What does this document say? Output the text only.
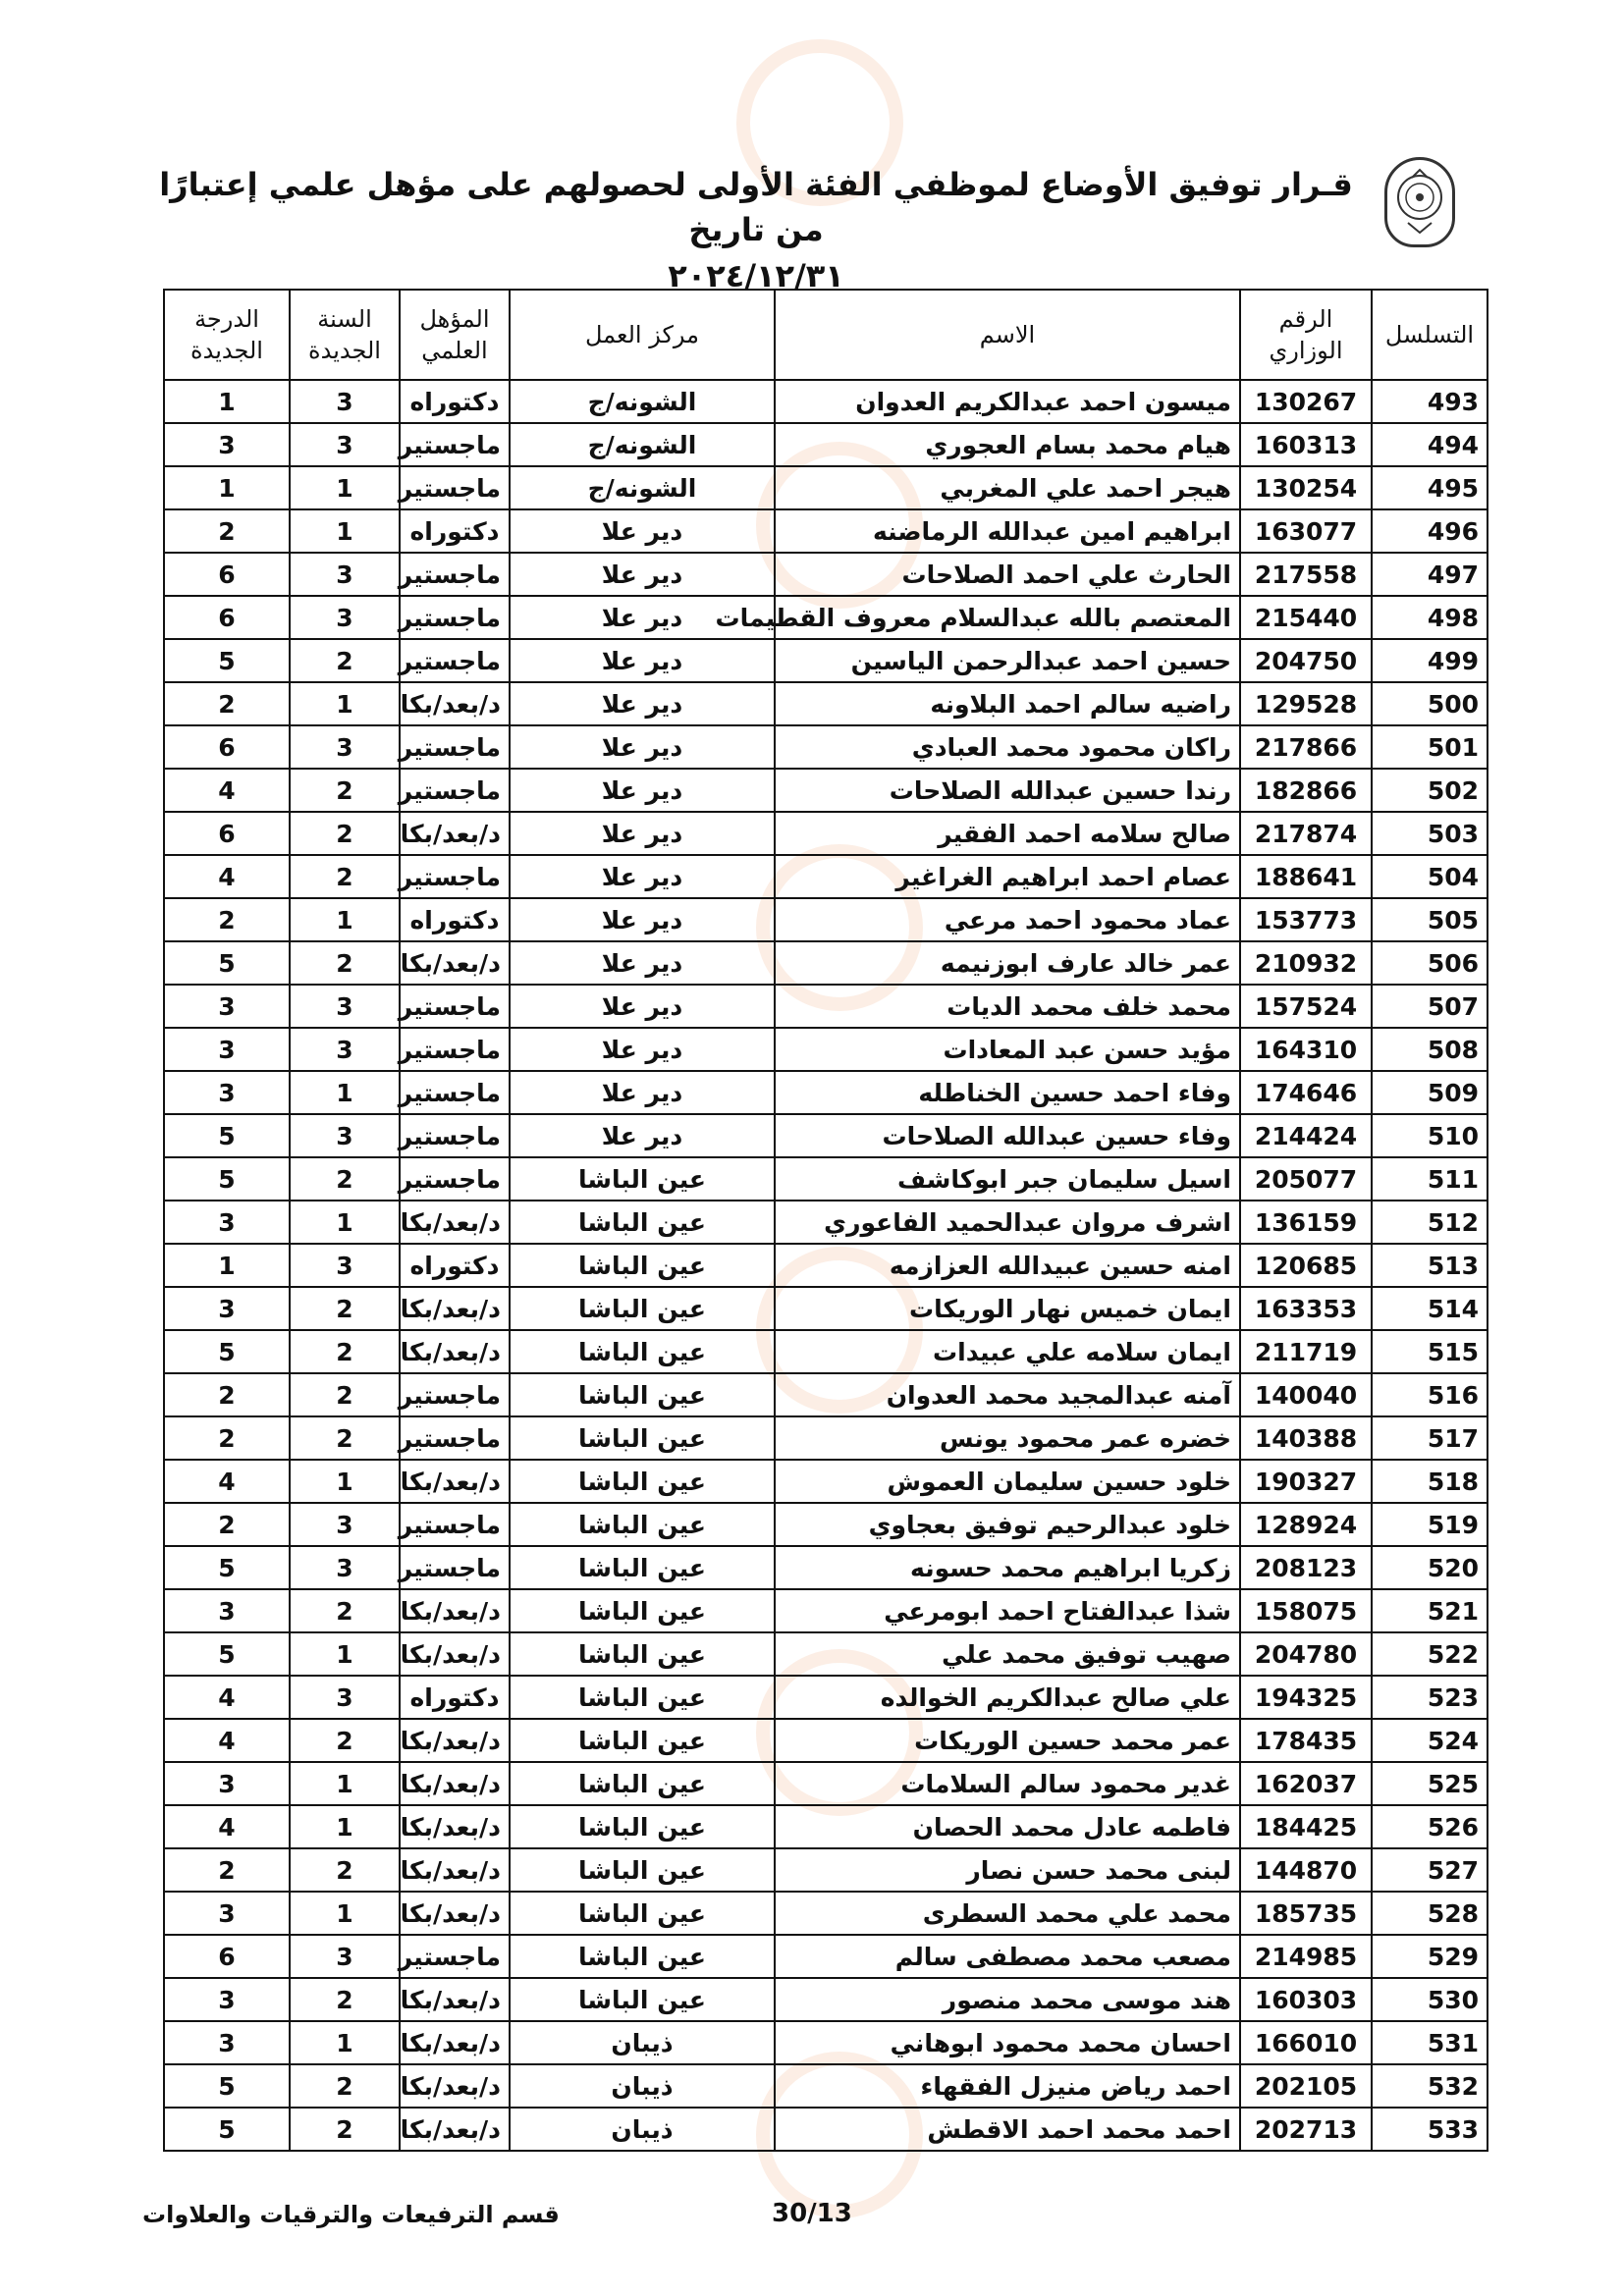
قـرار توفيق الأوضاع لموظفي الفئة الأولى لحصولهم على مؤهل علمي إعتبارًا من تاريخ
٢٠٢٤/١٢/٣١
التسلسل	الرقم الوزاري	الاسم	مركز العمل	المؤهل العلمي	السنة الجديدة	الدرجة الجديدة
493	130267	ميسون احمد عبدالكريم العدوان	الشونه/ج	دكتوراه	3	1
494	160313	هيام محمد بسام العجوري	الشونه/ج	ماجستير	3	3
495	130254	هيجر احمد علي المغربي	الشونه/ج	ماجستير	1	1
496	163077	ابراهيم امين عبدالله الرماضنه	دير علا	دكتوراه	1	2
497	217558	الحارث علي احمد الصلاحات	دير علا	ماجستير	3	6
498	215440	المعتصم بالله عبدالسلام معروف القطيمات	دير علا	ماجستير	3	6
499	204750	حسين احمد عبدالرحمن الياسين	دير علا	ماجستير	2	5
500	129528	راضيه سالم احمد البلاونه	دير علا	د/بعد/بكا	1	2
501	217866	راكان محمود محمد العبادي	دير علا	ماجستير	3	6
502	182866	رندا حسين عبدالله الصلاحات	دير علا	ماجستير	2	4
503	217874	صالح سلامه احمد الفقير	دير علا	د/بعد/بكا	2	6
504	188641	عصام احمد ابراهيم الغراغير	دير علا	ماجستير	2	4
505	153773	عماد محمود احمد مرعي	دير علا	دكتوراه	1	2
506	210932	عمر خالد عارف ابوزنيمه	دير علا	د/بعد/بكا	2	5
507	157524	محمد خلف محمد الديات	دير علا	ماجستير	3	3
508	164310	مؤيد حسن عبد المعادات	دير علا	ماجستير	3	3
509	174646	وفاء احمد حسين الخناطله	دير علا	ماجستير	1	3
510	214424	وفاء حسين عبدالله الصلاحات	دير علا	ماجستير	3	5
511	205077	اسيل سليمان جبر ابوكاشف	عين الباشا	ماجستير	2	5
512	136159	اشرف مروان عبدالحميد الفاعوري	عين الباشا	د/بعد/بكا	1	3
513	120685	امنه حسين عبيدالله العزازمه	عين الباشا	دكتوراه	3	1
514	163353	ايمان خميس نهار الوريكات	عين الباشا	د/بعد/بكا	2	3
515	211719	ايمان سلامه علي عبيدات	عين الباشا	د/بعد/بكا	2	5
516	140040	آمنه عبدالمجيد محمد العدوان	عين الباشا	ماجستير	2	2
517	140388	خضره عمر محمود يونس	عين الباشا	ماجستير	2	2
518	190327	خلود حسين سليمان العموش	عين الباشا	د/بعد/بكا	1	4
519	128924	خلود عبدالرحيم توفيق بعجاوي	عين الباشا	ماجستير	3	2
520	208123	زكريا ابراهيم محمد حسونه	عين الباشا	ماجستير	3	5
521	158075	شذا عبدالفتاح احمد ابومرعي	عين الباشا	د/بعد/بكا	2	3
522	204780	صهيب توفيق محمد علي	عين الباشا	د/بعد/بكا	1	5
523	194325	علي صالح عبدالكريم الخوالده	عين الباشا	دكتوراه	3	4
524	178435	عمر محمد حسين الوريكات	عين الباشا	د/بعد/بكا	2	4
525	162037	غدير محمود سالم السلامات	عين الباشا	د/بعد/بكا	1	3
526	184425	فاطمه عادل محمد الحصان	عين الباشا	د/بعد/بكا	1	4
527	144870	لبنى محمد حسن نصار	عين الباشا	د/بعد/بكا	2	2
528	185735	محمد علي محمد السطرى	عين الباشا	د/بعد/بكا	1	3
529	214985	مصعب محمد مصطفى سالم	عين الباشا	ماجستير	3	6
530	160303	هند موسى محمد منصور	عين الباشا	د/بعد/بكا	2	3
531	166010	احسان محمد محمود ابوهاني	ذيبان	د/بعد/بكا	1	3
532	202105	احمد رياض منيزل الفقهاء	ذيبان	د/بعد/بكا	2	5
533	202713	احمد محمد احمد الاقطش	ذيبان	د/بعد/بكا	2	5
قسم الترفيعات والترقيات والعلاوات	30/13
